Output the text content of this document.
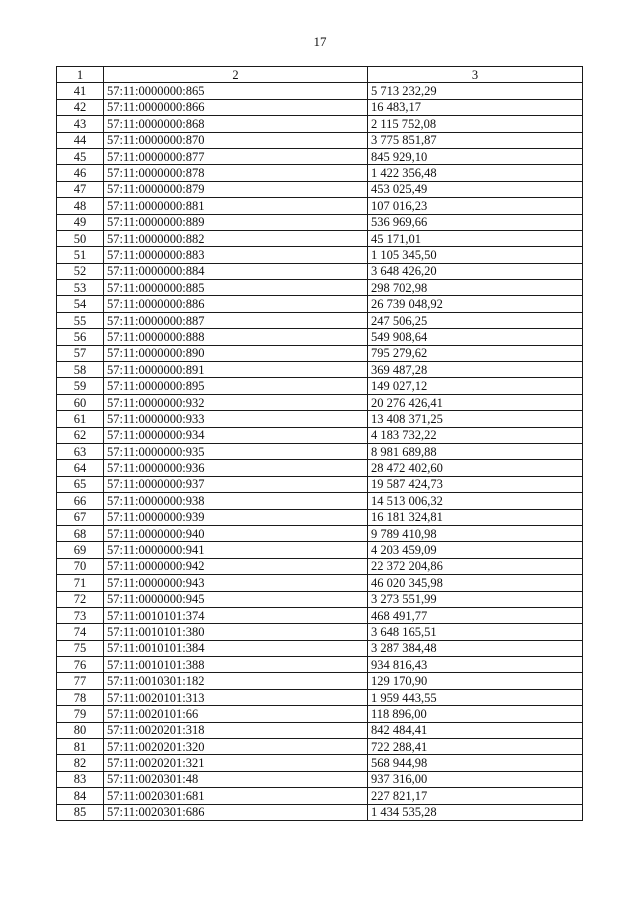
17
1	2	3
41	57:11:0000000:865	5 713 232,29
42	57:11:0000000:866	16 483,17
43	57:11:0000000:868	2 115 752,08
44	57:11:0000000:870	3 775 851,87
45	57:11:0000000:877	845 929,10
46	57:11:0000000:878	1 422 356,48
47	57:11:0000000:879	453 025,49
48	57:11:0000000:881	107 016,23
49	57:11:0000000:889	536 969,66
50	57:11:0000000:882	45 171,01
51	57:11:0000000:883	1 105 345,50
52	57:11:0000000:884	3 648 426,20
53	57:11:0000000:885	298 702,98
54	57:11:0000000:886	26 739 048,92
55	57:11:0000000:887	247 506,25
56	57:11:0000000:888	549 908,64
57	57:11:0000000:890	795 279,62
58	57:11:0000000:891	369 487,28
59	57:11:0000000:895	149 027,12
60	57:11:0000000:932	20 276 426,41
61	57:11:0000000:933	13 408 371,25
62	57:11:0000000:934	4 183 732,22
63	57:11:0000000:935	8 981 689,88
64	57:11:0000000:936	28 472 402,60
65	57:11:0000000:937	19 587 424,73
66	57:11:0000000:938	14 513 006,32
67	57:11:0000000:939	16 181 324,81
68	57:11:0000000:940	9 789 410,98
69	57:11:0000000:941	4 203 459,09
70	57:11:0000000:942	22 372 204,86
71	57:11:0000000:943	46 020 345,98
72	57:11:0000000:945	3 273 551,99
73	57:11:0010101:374	468 491,77
74	57:11:0010101:380	3 648 165,51
75	57:11:0010101:384	3 287 384,48
76	57:11:0010101:388	934 816,43
77	57:11:0010301:182	129 170,90
78	57:11:0020101:313	1 959 443,55
79	57:11:0020101:66	118 896,00
80	57:11:0020201:318	842 484,41
81	57:11:0020201:320	722 288,41
82	57:11:0020201:321	568 944,98
83	57:11:0020301:48	937 316,00
84	57:11:0020301:681	227 821,17
85	57:11:0020301:686	1 434 535,28
